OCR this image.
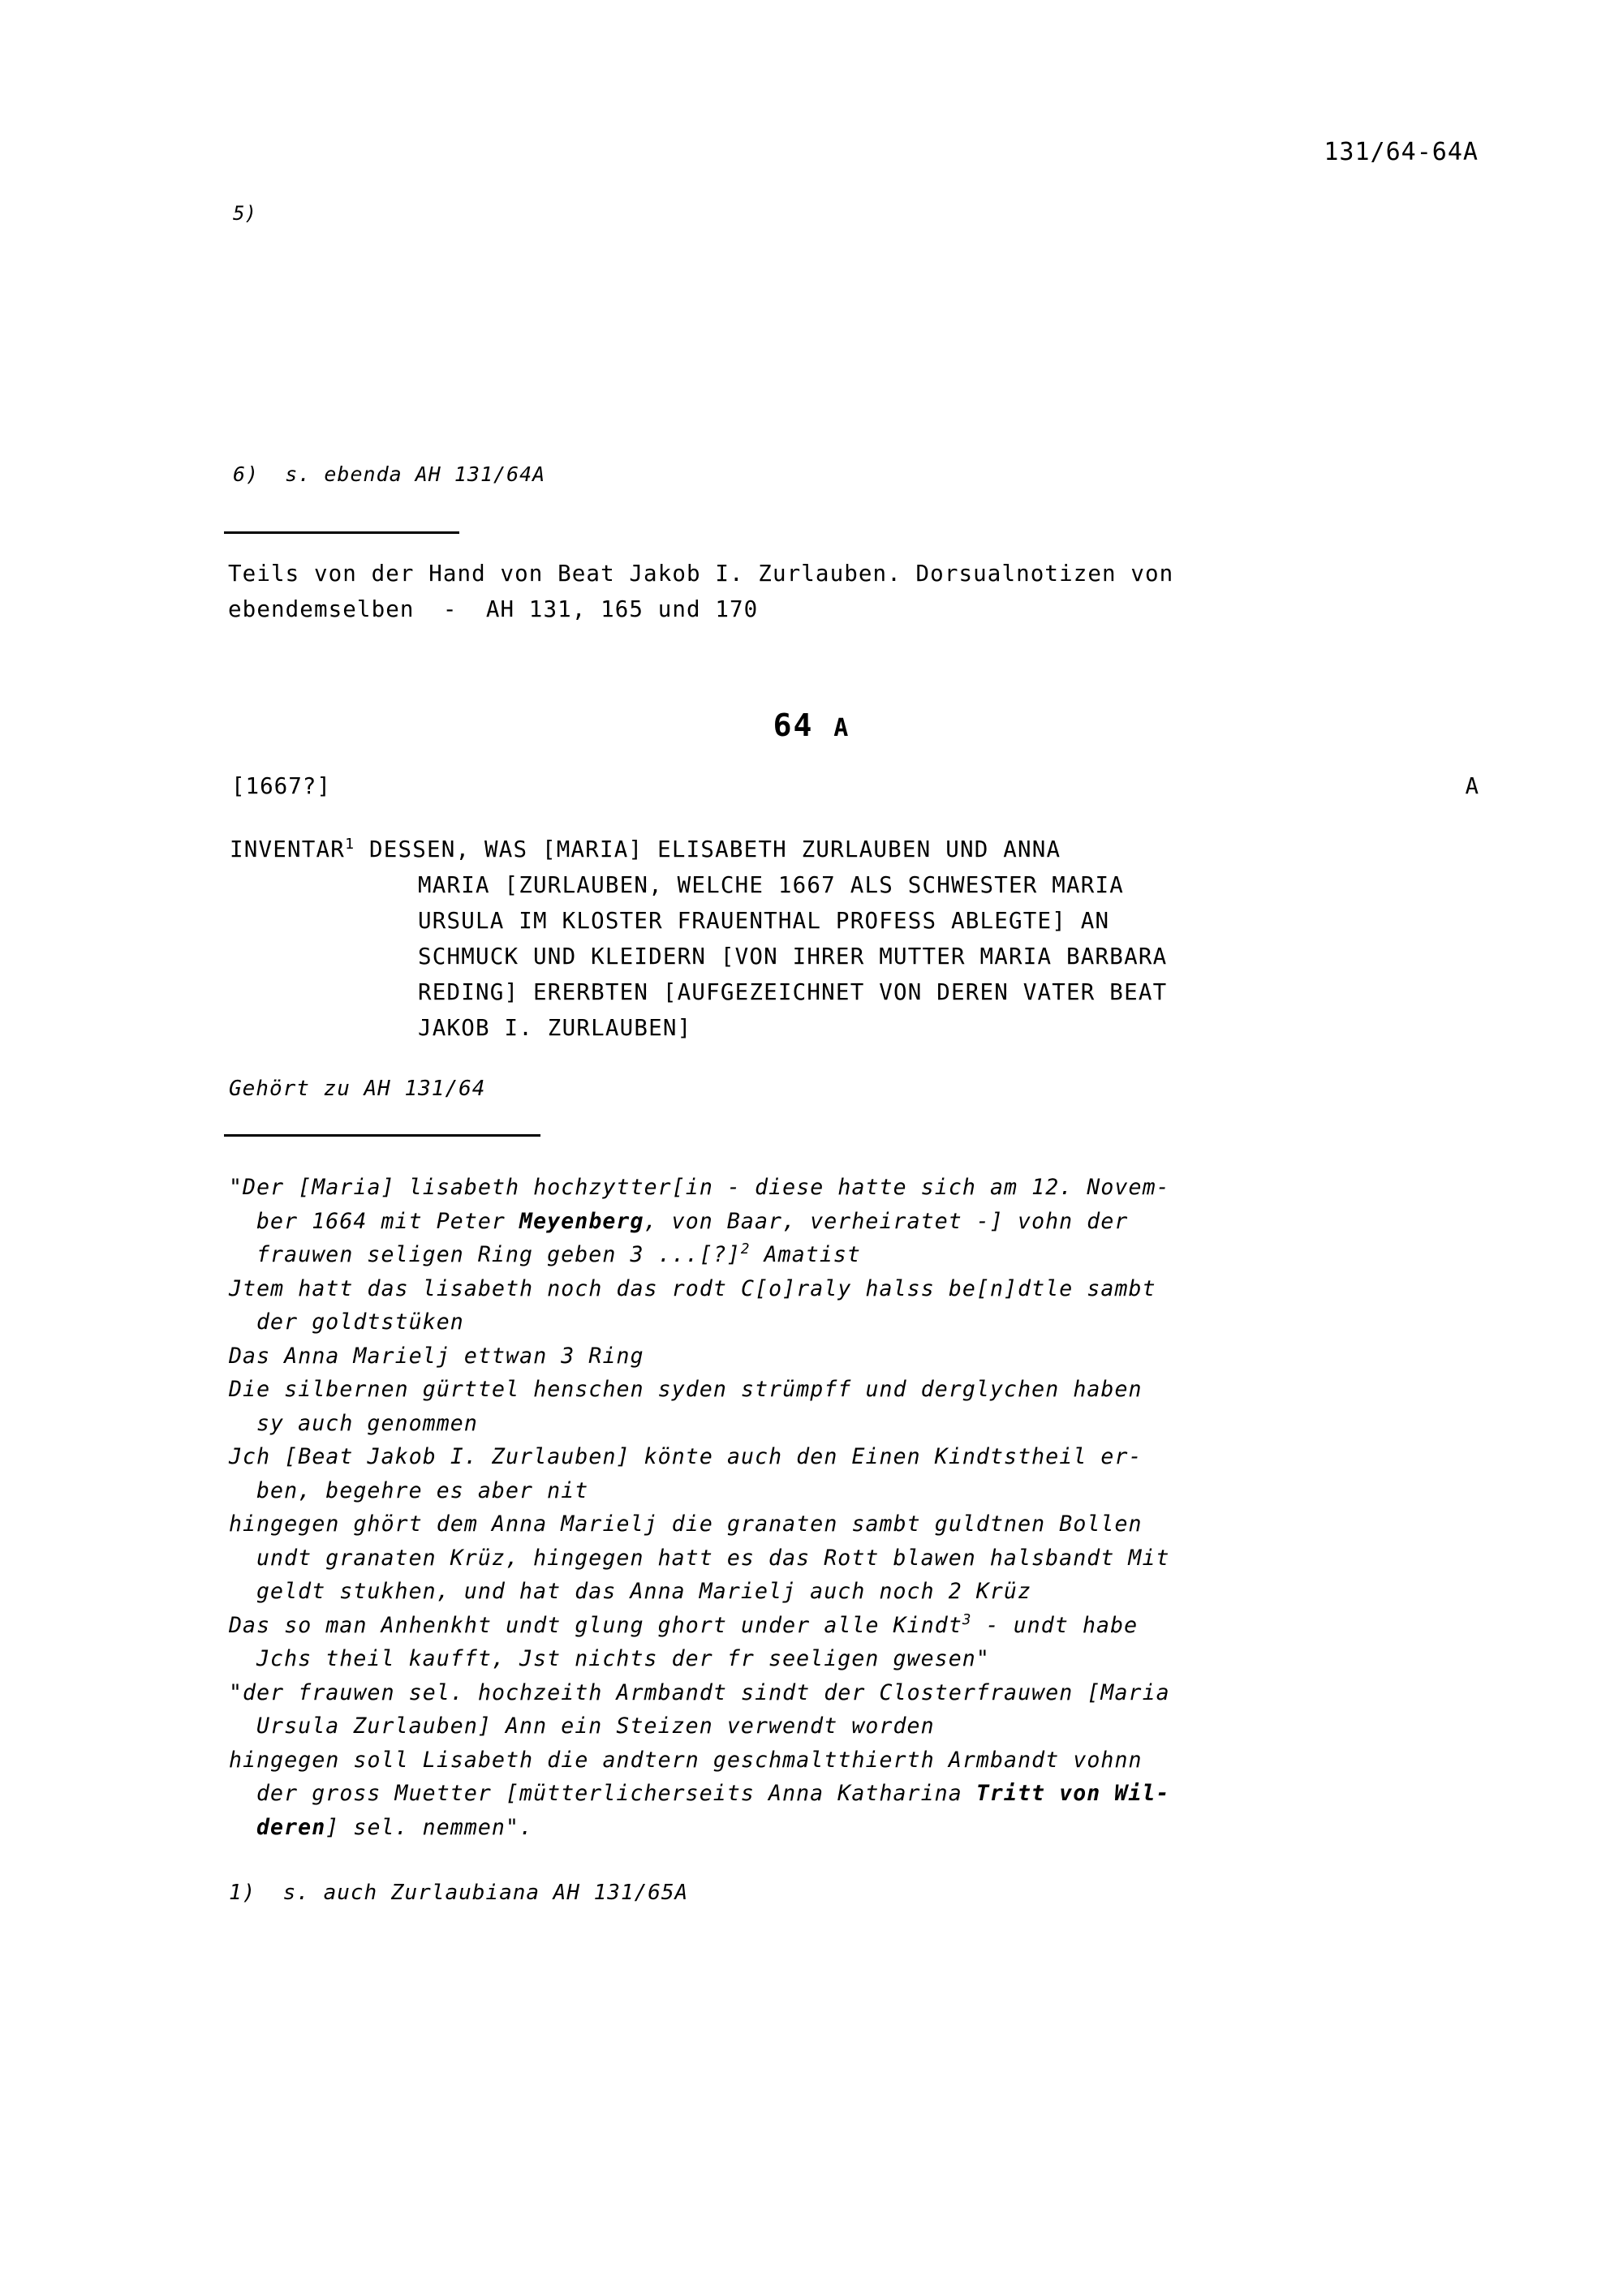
131/64-64A
5)
6)  s. ebenda AH 131/64A
Teils von der Hand von Beat Jakob I. Zurlauben. Dorsualnotizen von
ebendemselben  -  AH 131, 165 und 170
64 A
[1667?]	A
INVENTAR$^1$ DESSEN, WAS [MARIA] ELISABETH ZURLAUBEN UND ANNA
MARIA [ZURLAUBEN, WELCHE 1667 ALS SCHWESTER MARIA
URSULA IM KLOSTER FRAUENTHAL PROFESS ABLEGTE] AN
SCHMUCK UND KLEIDERN [VON IHRER MUTTER MARIA BARBARA
REDING] ERERBTEN [AUFGEZEICHNET VON DEREN VATER BEAT
JAKOB I. ZURLAUBEN]
Gehört zu AH 131/64
"Der [Maria] lisabeth hochzytter[in - diese hatte sich am 12. Novem-
ber 1664 mit Peter Meyenberg, von Baar, verheiratet -] vohn der
frauwen seligen Ring geben 3 ...[?]$^2$ Amatist
Jtem hatt das lisabeth noch das rodt C[o]raly halss be[n]dtle sambt
der goldtstüken
Das Anna Marielj ettwan 3 Ring
Die silbernen gürttel henschen syden strümpff und derglychen haben
sy auch genommen
Jch [Beat Jakob I. Zurlauben] könte auch den Einen Kindtstheil er-
ben, begehre es aber nit
hingegen ghört dem Anna Marielj die granaten sambt guldtnen Bollen
undt granaten Krüz, hingegen hatt es das Rott blawen halsbandt Mit
geldt stukhen, und hat das Anna Marielj auch noch 2 Krüz
Das so man Anhenkht undt glung ghort under alle Kindt$^3$ - undt habe
Jchs theil kaufft, Jst nichts der fr seeligen gwesen"
"der frauwen sel. hochzeith Armbandt sindt der Closterfrauwen [Maria
Ursula Zurlauben] Ann ein Steizen verwendt worden
hingegen soll Lisabeth die andtern geschmaltthierth Armbandt vohnn
der gross Muetter [mütterlicherseits Anna Katharina Tritt von Wil-
deren] sel. nemmen".
1)  s. auch Zurlaubiana AH 131/65A
